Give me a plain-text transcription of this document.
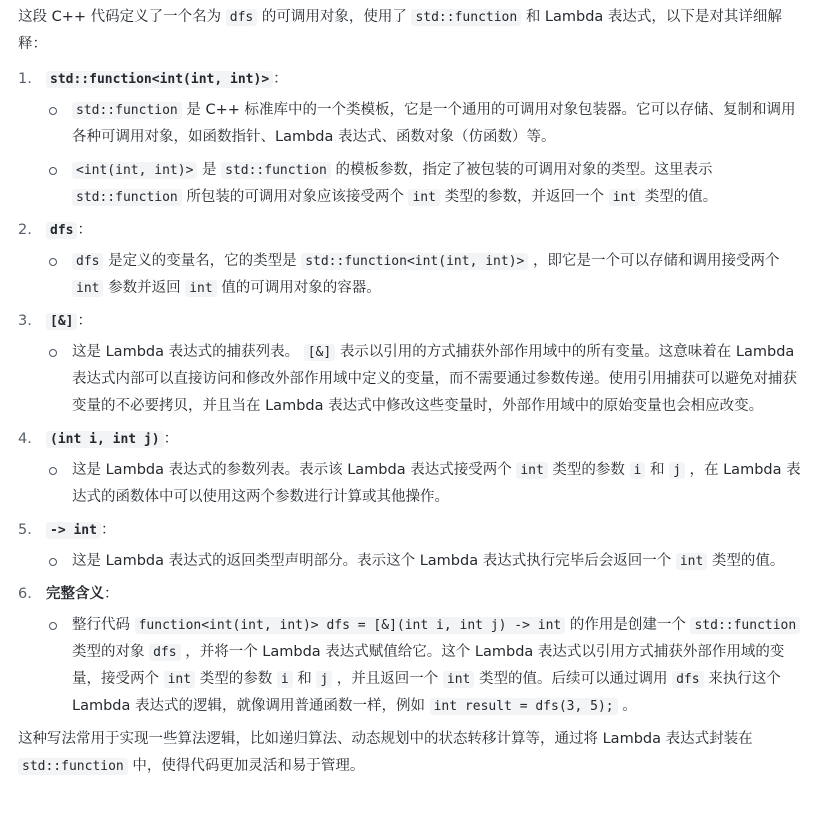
这段 C++ 代码定义了一个名为 dfs 的可调用对象，使用了 std::function 和 Lambda 表达式，以下是对其详细解释：

1.	std::function<int(int, int)> ：
std::function 是 C++ 标准库中的一个类模板，它是一个通用的可调用对象包装器。它可以存储、复制和调用各种可调用对象，如函数指针、Lambda 表达式、函数对象（仿函数）等。
<int(int, int)> 是 std::function 的模板参数，指定了被包装的可调用对象的类型。这里表示 std::function 所包装的可调用对象应该接受两个 int 类型的参数，并返回一个 int 类型的值。
2.	dfs ：
dfs 是定义的变量名，它的类型是 std::function<int(int, int)> ，即它是一个可以存储和调用接受两个 int 参数并返回 int 值的可调用对象的容器。
3.	[&] ：
这是 Lambda 表达式的捕获列表。 [&] 表示以引用的方式捕获外部作用域中的所有变量。这意味着在 Lambda 表达式内部可以直接访问和修改外部作用域中定义的变量，而不需要通过参数传递。使用引用捕获可以避免对捕获变量的不必要拷贝，并且当在 Lambda 表达式中修改这些变量时，外部作用域中的原始变量也会相应改变。
4.	(int i, int j) ：
这是 Lambda 表达式的参数列表。表示该 Lambda 表达式接受两个 int 类型的参数 i 和 j ，在 Lambda 表达式的函数体中可以使用这两个参数进行计算或其他操作。
5.	-> int ：
这是 Lambda 表达式的返回类型声明部分。表示这个 Lambda 表达式执行完毕后会返回一个 int 类型的值。
6. 完整含义：
整行代码 function<int(int, int)> dfs = [&](int i, int j) -> int 的作用是创建一个 std::function 类型的对象 dfs ，并将一个 Lambda 表达式赋值给它。这个 Lambda 表达式以引用方式捕获外部作用域的变量，接受两个 int 类型的参数 i 和 j ，并且返回一个 int 类型的值。后续可以通过调用 dfs 来执行这个 Lambda 表达式的逻辑，就像调用普通函数一样，例如 int result = dfs(3, 5); 。

这种写法常用于实现一些算法逻辑，比如递归算法、动态规划中的状态转移计算等，通过将 Lambda 表达式封装在 std::function 中，使得代码更加灵活和易于管理。
